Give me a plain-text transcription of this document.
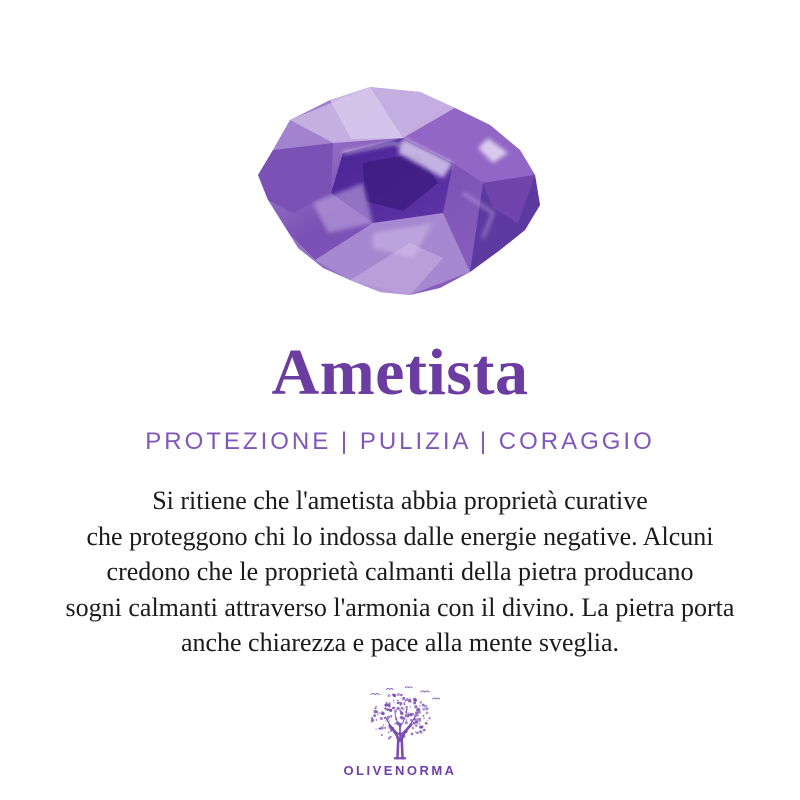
Ametista
PROTEZIONE | PULIZIA | CORAGGIO
Si ritiene che l'ametista abbia proprietà curative
che proteggono chi lo indossa dalle energie negative. Alcuni
credono che le proprietà calmanti della pietra producano
sogni calmanti attraverso l'armonia con il divino. La pietra porta
anche chiarezza e pace alla mente sveglia.
OLIVENORMA
